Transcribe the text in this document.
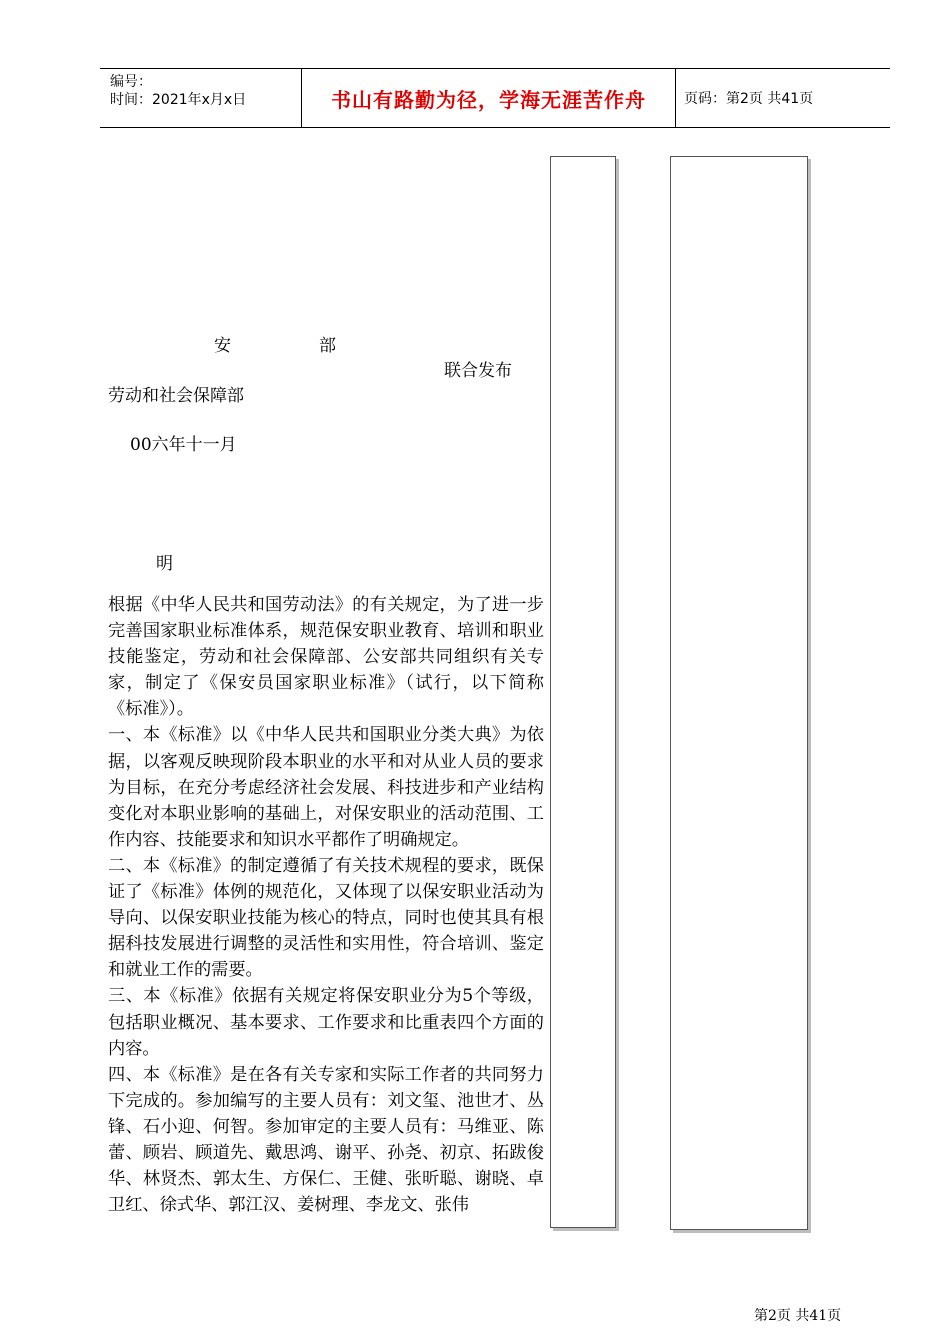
编号：
时间：2021年x月x日	书山有路勤为径，学海无涯苦作舟	页码：第2页 共41页
安	部
联合发布
劳动和社会保障部
00六年十一月
明

根据《中华人民共和国劳动法》的有关规定，为了进一步完善国家职业标准体系，规范保安职业教育、培训和职业技能鉴定，劳动和社会保障部、公安部共同组织有关专家，制定了《保安员国家职业标准》（试行，以下简称《标准》）。

一、本《标准》以《中华人民共和国职业分类大典》为依据，以客观反映现阶段本职业的水平和对从业人员的要求为目标，在充分考虑经济社会发展、科技进步和产业结构变化对本职业影响的基础上，对保安职业的活动范围、工作内容、技能要求和知识水平都作了明确规定。

二、本《标准》的制定遵循了有关技术规程的要求，既保证了《标准》体例的规范化，又体现了以保安职业活动为导向、以保安职业技能为核心的特点，同时也使其具有根据科技发展进行调整的灵活性和实用性，符合培训、鉴定和就业工作的需要。

三、本《标准》依据有关规定将保安职业分为5个等级，包括职业概况、基本要求、工作要求和比重表四个方面的内容。

四、本《标准》是在各有关专家和实际工作者的共同努力下完成的。参加编写的主要人员有：刘文玺、池世才、丛锋、石小迎、何智。参加审定的主要人员有：马维亚、陈蕾、顾岩、顾道先、戴思鸿、谢平、孙尧、初京、拓跋俊华、林贤杰、郭太生、方保仁、王健、张昕聪、谢晓、卓卫红、徐式华、郭江汉、姜树理、李龙文、张伟

第2页 共41页
